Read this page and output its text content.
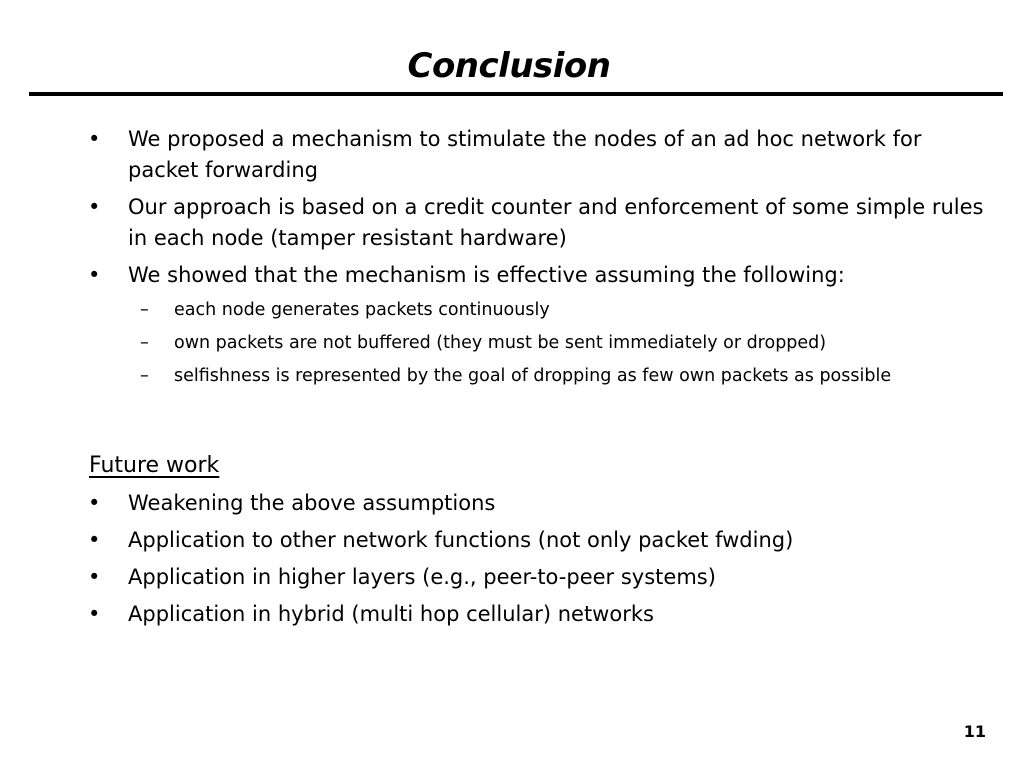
Conclusion
•	We proposed a mechanism to stimulate the nodes of an ad hoc network for packet forwarding
•	Our approach is based on a credit counter and enforcement of some simple rules in each node (tamper resistant hardware)
•	We showed that the mechanism is effective assuming the following:
– each node generates packets continuously
– own packets are not buffered (they must be sent immediately or dropped)
– selfishness is represented by the goal of dropping as few own packets as possible
Future work
•	Weakening the above assumptions
•	Application to other network functions (not only packet fwding)
•	Application in higher layers (e.g., peer-to-peer systems)
•	Application in hybrid (multi hop cellular) networks
11
